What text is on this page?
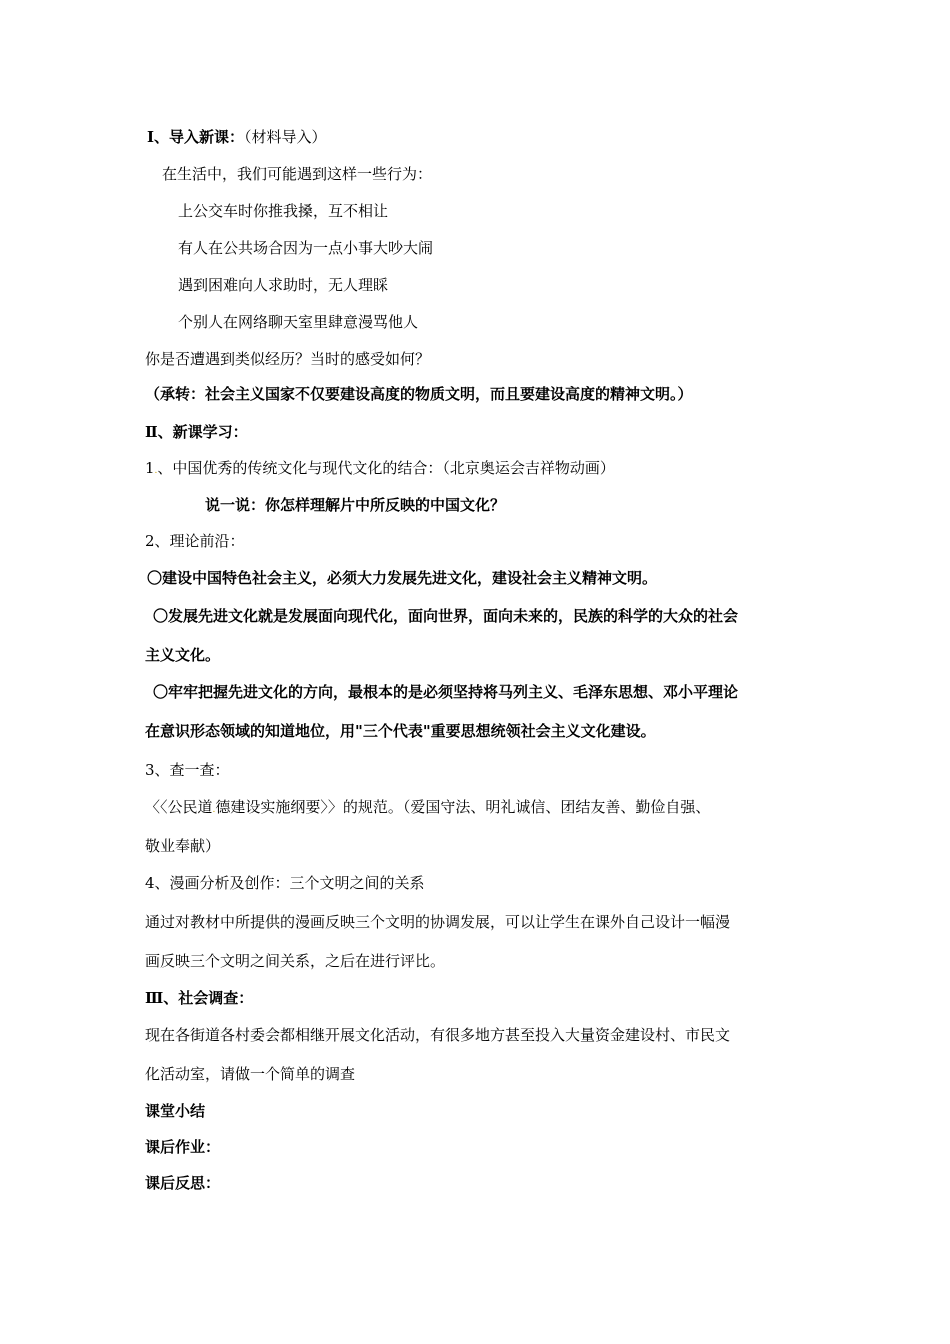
Ⅰ、导入新课：（材料导入）
在生活中，我们可能遇到这样一些行为：
上公交车时你推我搡，互不相让
有人在公共场合因为一点小事大吵大闹
遇到困难向人求助时，无人理睬
个别人在网络聊天室里肆意漫骂他人
你是否遭遇到类似经历？当时的感受如何？
（承转：社会主义国家不仅要建设高度的物质文明，而且要建设高度的精神文明。）
Ⅱ、新课学习：
1.、中国优秀的传统文化与现代文化的结合：（北京奥运会吉祥物动画）
说一说：你怎样理解片中所反映的中国文化？
2、理论前沿：
〇建设中国特色社会主义，必须大力发展先进文化，建设社会主义精神文明。
〇发展先进文化就是发展面向现代化，面向世界，面向未来的，民族的科学的大众的社会
主义文化。
〇牢牢把握先进文化的方向，最根本的是必须坚持将马列主义、毛泽东思想、邓小平理论
在意识形态领域的知道地位，用"三个代表"重要思想统领社会主义文化建设。
3、查一查：
〈〈公民道.德建设实施纲要〉〉的规范。（爱国守法、明礼诚信、团结友善、勤俭自强、
敬业奉献）
4、漫画分析及创作：三个文明之间的关系
通过对教材中所提供的漫画反映三个文明的协调发展，可以让学生在课外自己设计一幅漫
画反映三个文明之间关系，之后在进行评比。
Ⅲ、社会调查：
现在各街道各村委会都相继开展文化活动，有很多地方甚至投入大量资金建设村、市民文
化活动室，请做一个简单的调查
课堂小结
课后作业：
课后反思：
